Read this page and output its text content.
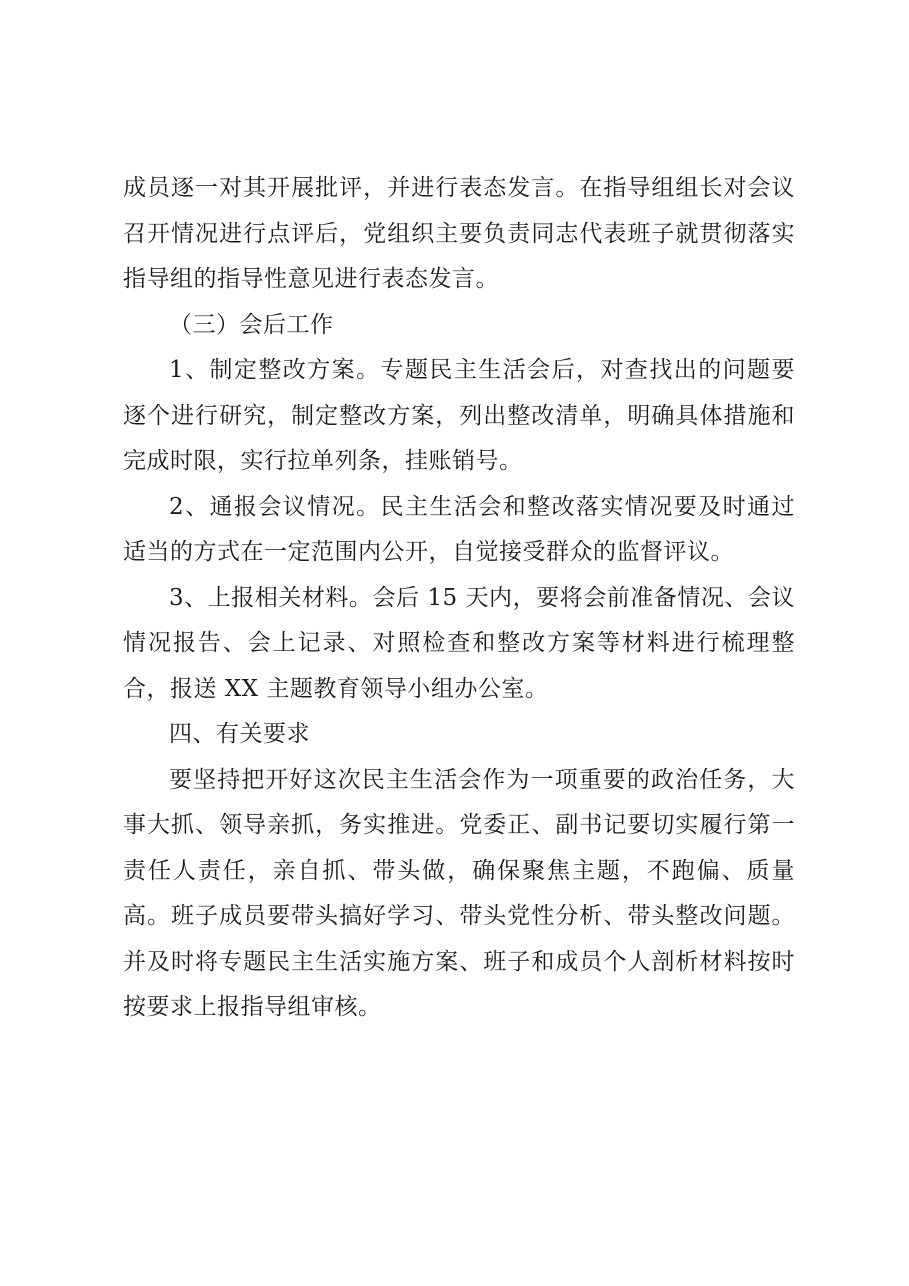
成员逐一对其开展批评，并进行表态发言。在指导组组长对会议召开情况进行点评后，党组织主要负责同志代表班子就贯彻落实指导组的指导性意见进行表态发言。

（三）会后工作

1、制定整改方案。专题民主生活会后，对查找出的问题要逐个进行研究，制定整改方案，列出整改清单，明确具体措施和完成时限，实行拉单列条，挂账销号。

2、通报会议情况。民主生活会和整改落实情况要及时通过适当的方式在一定范围内公开，自觉接受群众的监督评议。

3、上报相关材料。会后 15 天内，要将会前准备情况、会议情况报告、会上记录、对照检查和整改方案等材料进行梳理整合，报送 XX 主题教育领导小组办公室。

四、有关要求

要坚持把开好这次民主生活会作为一项重要的政治任务，大事大抓、领导亲抓，务实推进。党委正、副书记要切实履行第一责任人责任，亲自抓、带头做，确保聚焦主题，不跑偏、质量高。班子成员要带头搞好学习、带头党性分析、带头整改问题。并及时将专题民主生活实施方案、班子和成员个人剖析材料按时按要求上报指导组审核。
